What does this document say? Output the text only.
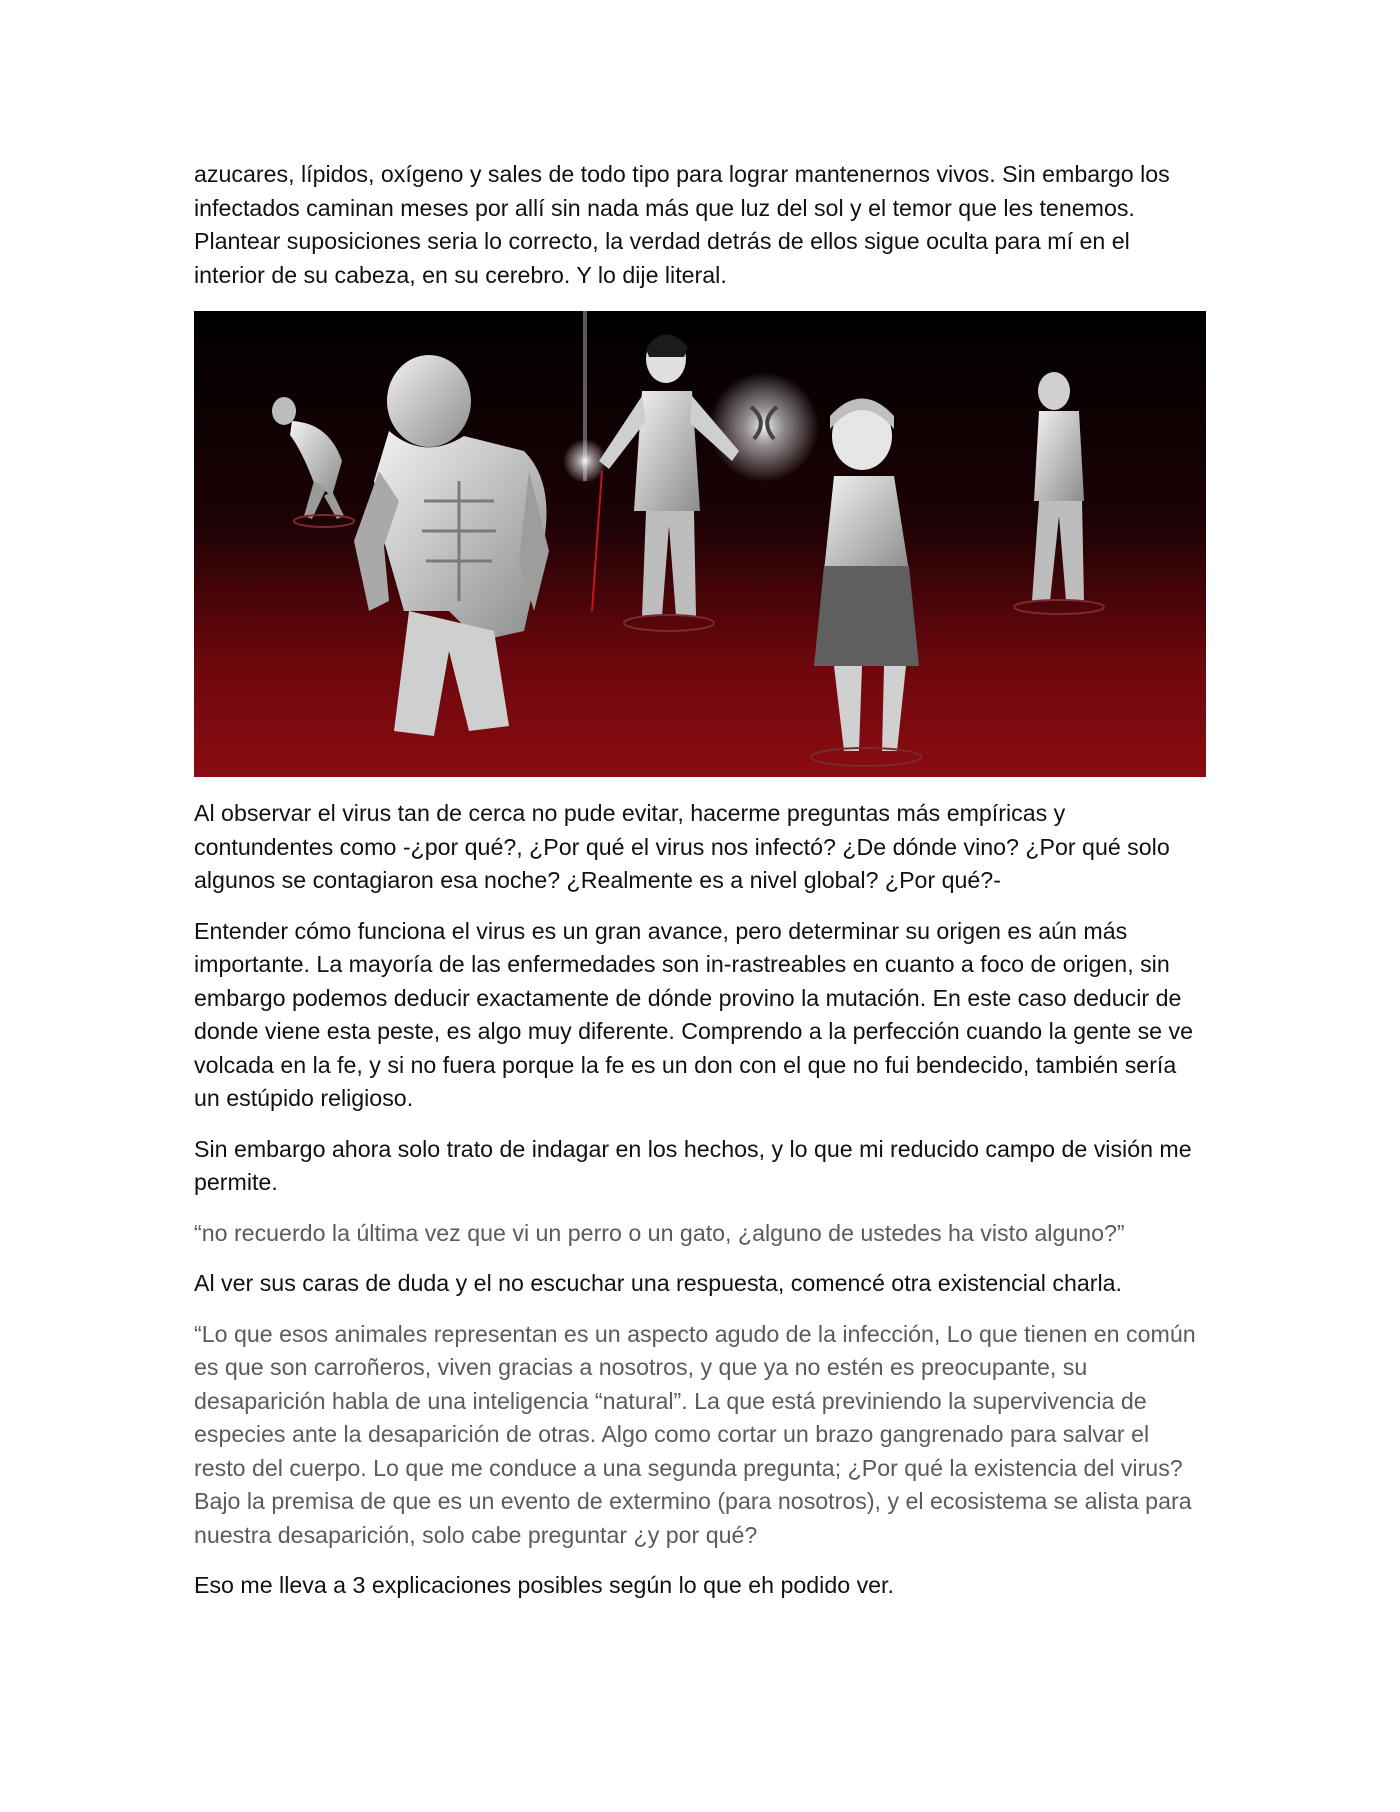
azucares, lípidos, oxígeno y sales de todo tipo para lograr mantenernos vivos. Sin embargo los infectados caminan meses por allí sin nada más que luz del sol y el temor que les tenemos. Plantear suposiciones seria lo correcto, la verdad detrás de ellos sigue oculta para mí en el interior de su cabeza, en su cerebro. Y lo dije literal.

Al observar el virus tan de cerca no pude evitar, hacerme preguntas más empíricas y contundentes como -¿por qué?, ¿Por qué el virus nos infectó? ¿De dónde vino? ¿Por qué solo algunos se contagiaron esa noche? ¿Realmente es a nivel global? ¿Por qué?-

Entender cómo funciona el virus es un gran avance, pero determinar su origen es aún más importante. La mayoría de las enfermedades son in-rastreables en cuanto a foco de origen, sin embargo podemos deducir exactamente de dónde provino la mutación. En este caso deducir de donde viene esta peste, es algo muy diferente. Comprendo a la perfección cuando la gente se ve volcada en la fe, y si no fuera porque la fe es un don con el que no fui bendecido, también sería un estúpido religioso.

Sin embargo ahora solo trato de indagar en los hechos, y lo que mi reducido campo de visión me permite.

“no recuerdo la última vez que vi un perro o un gato, ¿alguno de ustedes ha visto alguno?”

Al ver sus caras de duda y el no escuchar una respuesta, comencé otra existencial charla.

“Lo que esos animales representan es un aspecto agudo de la infección, Lo que tienen en común es que son carroñeros, viven gracias a nosotros, y que ya no estén es preocupante, su desaparición habla de una inteligencia “natural”. La que está previniendo la supervivencia de especies ante la desaparición de otras. Algo como cortar un brazo gangrenado para salvar el resto del cuerpo. Lo que me conduce a una segunda pregunta; ¿Por qué la existencia del virus? Bajo la premisa de que es un evento de extermino (para nosotros), y el ecosistema se alista para nuestra desaparición, solo cabe preguntar ¿y por qué?

Eso me lleva a 3 explicaciones posibles según lo que eh podido ver.
